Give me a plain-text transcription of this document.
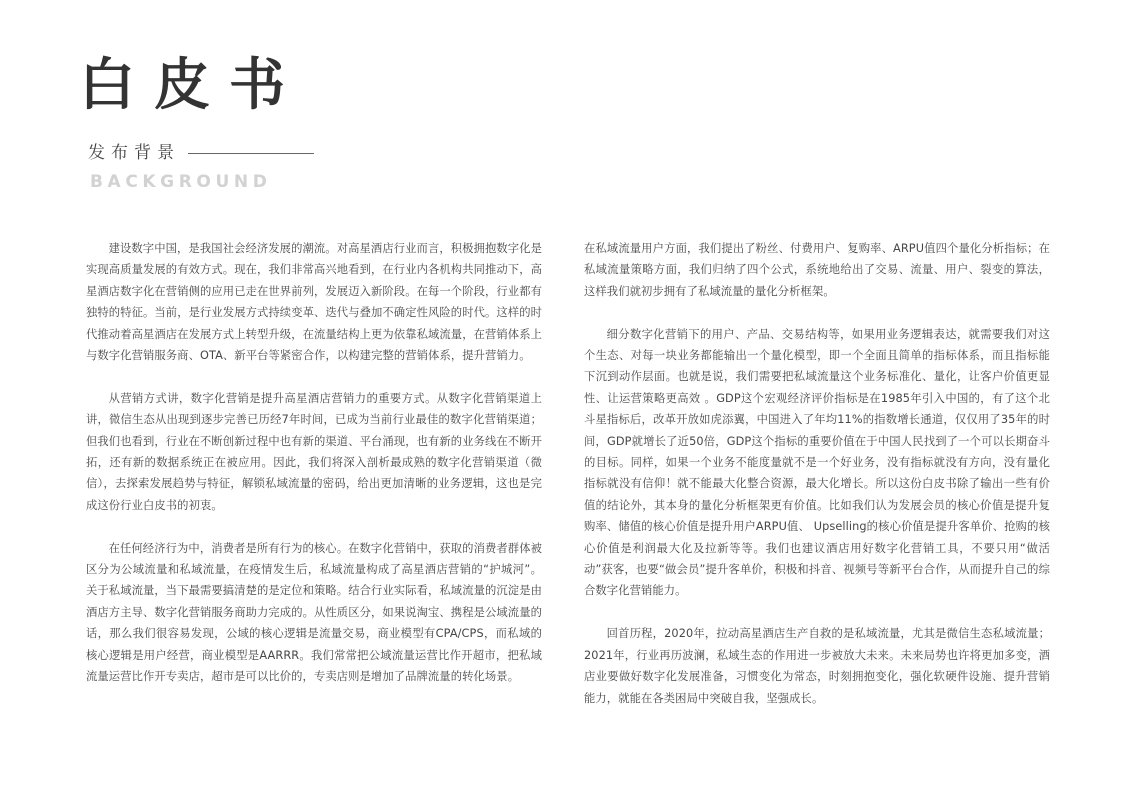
白皮书
发布背景
BACKGROUND

建设数字中国，是我国社会经济发展的潮流。对高星酒店行业而言，积极拥抱数字化是实现高质量发展的有效方式。现在，我们非常高兴地看到，在行业内各机构共同推动下，高星酒店数字化在营销侧的应用已走在世界前列，发展迈入新阶段。在每一个阶段，行业都有独特的特征。当前，是行业发展方式持续变革、迭代与叠加不确定性风险的时代。这样的时代推动着高星酒店在发展方式上转型升级，在流量结构上更为依靠私域流量，在营销体系上与数字化营销服务商、OTA、新平台等紧密合作，以构建完整的营销体系，提升营销力。

从营销方式讲，数字化营销是提升高星酒店营销力的重要方式。从数字化营销渠道上讲，微信生态从出现到逐步完善已历经7年时间，已成为当前行业最佳的数字化营销渠道；但我们也看到，行业在不断创新过程中也有新的渠道、平台涌现，也有新的业务线在不断开拓，还有新的数据系统正在被应用。因此，我们将深入剖析最成熟的数字化营销渠道（微信），去探索发展趋势与特征，解锁私域流量的密码，给出更加清晰的业务逻辑，这也是完成这份行业白皮书的初衷。

在任何经济行为中，消费者是所有行为的核心。在数字化营销中，获取的消费者群体被区分为公域流量和私域流量，在疫情发生后，私域流量构成了高星酒店营销的“护城河”。关于私域流量，当下最需要搞清楚的是定位和策略。结合行业实际看，私域流量的沉淀是由酒店方主导、数字化营销服务商助力完成的。从性质区分，如果说淘宝、携程是公域流量的话，那么我们很容易发现，公域的核心逻辑是流量交易，商业模型有CPA/CPS，而私域的核心逻辑是用户经营，商业模型是AARRR。我们常常把公域流量运营比作开超市，把私域流量运营比作开专卖店，超市是可以比价的，专卖店则是增加了品牌流量的转化场景。

在私域流量用户方面，我们提出了粉丝、付费用户、复购率、ARPU值四个量化分析指标；在私域流量策略方面，我们归纳了四个公式，系统地给出了交易、流量、用户、裂变的算法，这样我们就初步拥有了私域流量的量化分析框架。

细分数字化营销下的用户、产品、交易结构等，如果用业务逻辑表达，就需要我们对这个生态、对每一块业务都能输出一个量化模型，即一个全面且简单的指标体系，而且指标能下沉到动作层面。也就是说，我们需要把私域流量这个业务标准化、量化，让客户价值更显性、让运营策略更高效 。GDP这个宏观经济评价指标是在1985年引入中国的，有了这个北斗星指标后，改革开放如虎添翼，中国进入了年均11%的指数增长通道，仅仅用了35年的时间，GDP就增长了近50倍，GDP这个指标的重要价值在于中国人民找到了一个可以长期奋斗的目标。同样，如果一个业务不能度量就不是一个好业务，没有指标就没有方向，没有量化指标就没有信仰！就不能最大化整合资源，最大化增长。所以这份白皮书除了输出一些有价值的结论外，其本身的量化分析框架更有价值。比如我们认为发展会员的核心价值是提升复购率、储值的核心价值是提升用户ARPU值、 Upselling的核心价值是提升客单价、抢购的核心价值是利润最大化及拉新等等。我们也建议酒店用好数字化营销工具，不要只用“做活动”获客，也要“做会员”提升客单价，积极和抖音、视频号等新平台合作，从而提升自己的综合数字化营销能力。

回首历程，2020年，拉动高星酒店生产自救的是私域流量，尤其是微信生态私域流量；2021年，行业再历波澜，私域生态的作用进一步被放大未来。未来局势也许将更加多变，酒店业要做好数字化发展准备，习惯变化为常态，时刻拥抱变化，强化软硬件设施、提升营销能力，就能在各类困局中突破自我，坚强成长。
